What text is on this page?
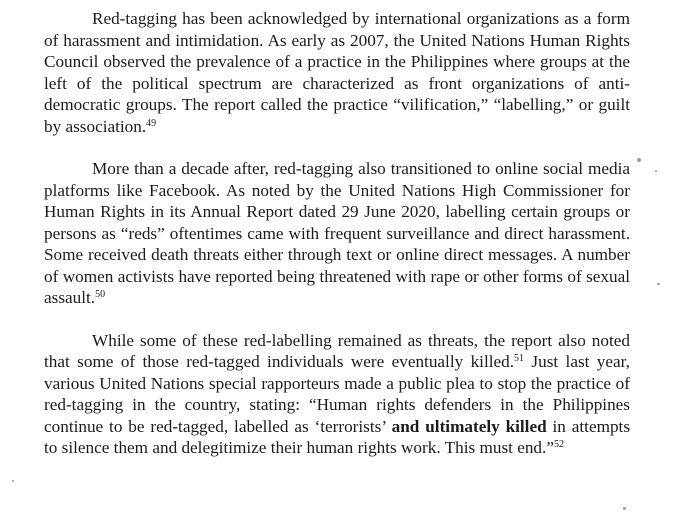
Red-tagging has been acknowledged by international organizations as a form of harassment and intimidation. As early as 2007, the United Nations Human Rights Council observed the prevalence of a practice in the Philippines where groups at the left of the political spectrum are characterized as front organizations of anti-democratic groups. The report called the practice “vilification,” “labelling,” or guilt by association.$^{49}$

More than a decade after, red-tagging also transitioned to online social media platforms like Facebook. As noted by the United Nations High Commissioner for Human Rights in its Annual Report dated 29 June 2020, labelling certain groups or persons as “reds” oftentimes came with frequent surveillance and direct harassment. Some received death threats either through text or online direct messages. A number of women activists have reported being threatened with rape or other forms of sexual assault.$^{50}$

While some of these red-labelling remained as threats, the report also noted that some of those red-tagged individuals were eventually killed.$^{51}$ Just last year, various United Nations special rapporteurs made a public plea to stop the practice of red-tagging in the country, stating: “Human rights defenders in the Philippines continue to be red-tagged, labelled as ‘terrorists’ and ultimately killed in attempts to silence them and delegitimize their human rights work. This must end.”$^{52}$
